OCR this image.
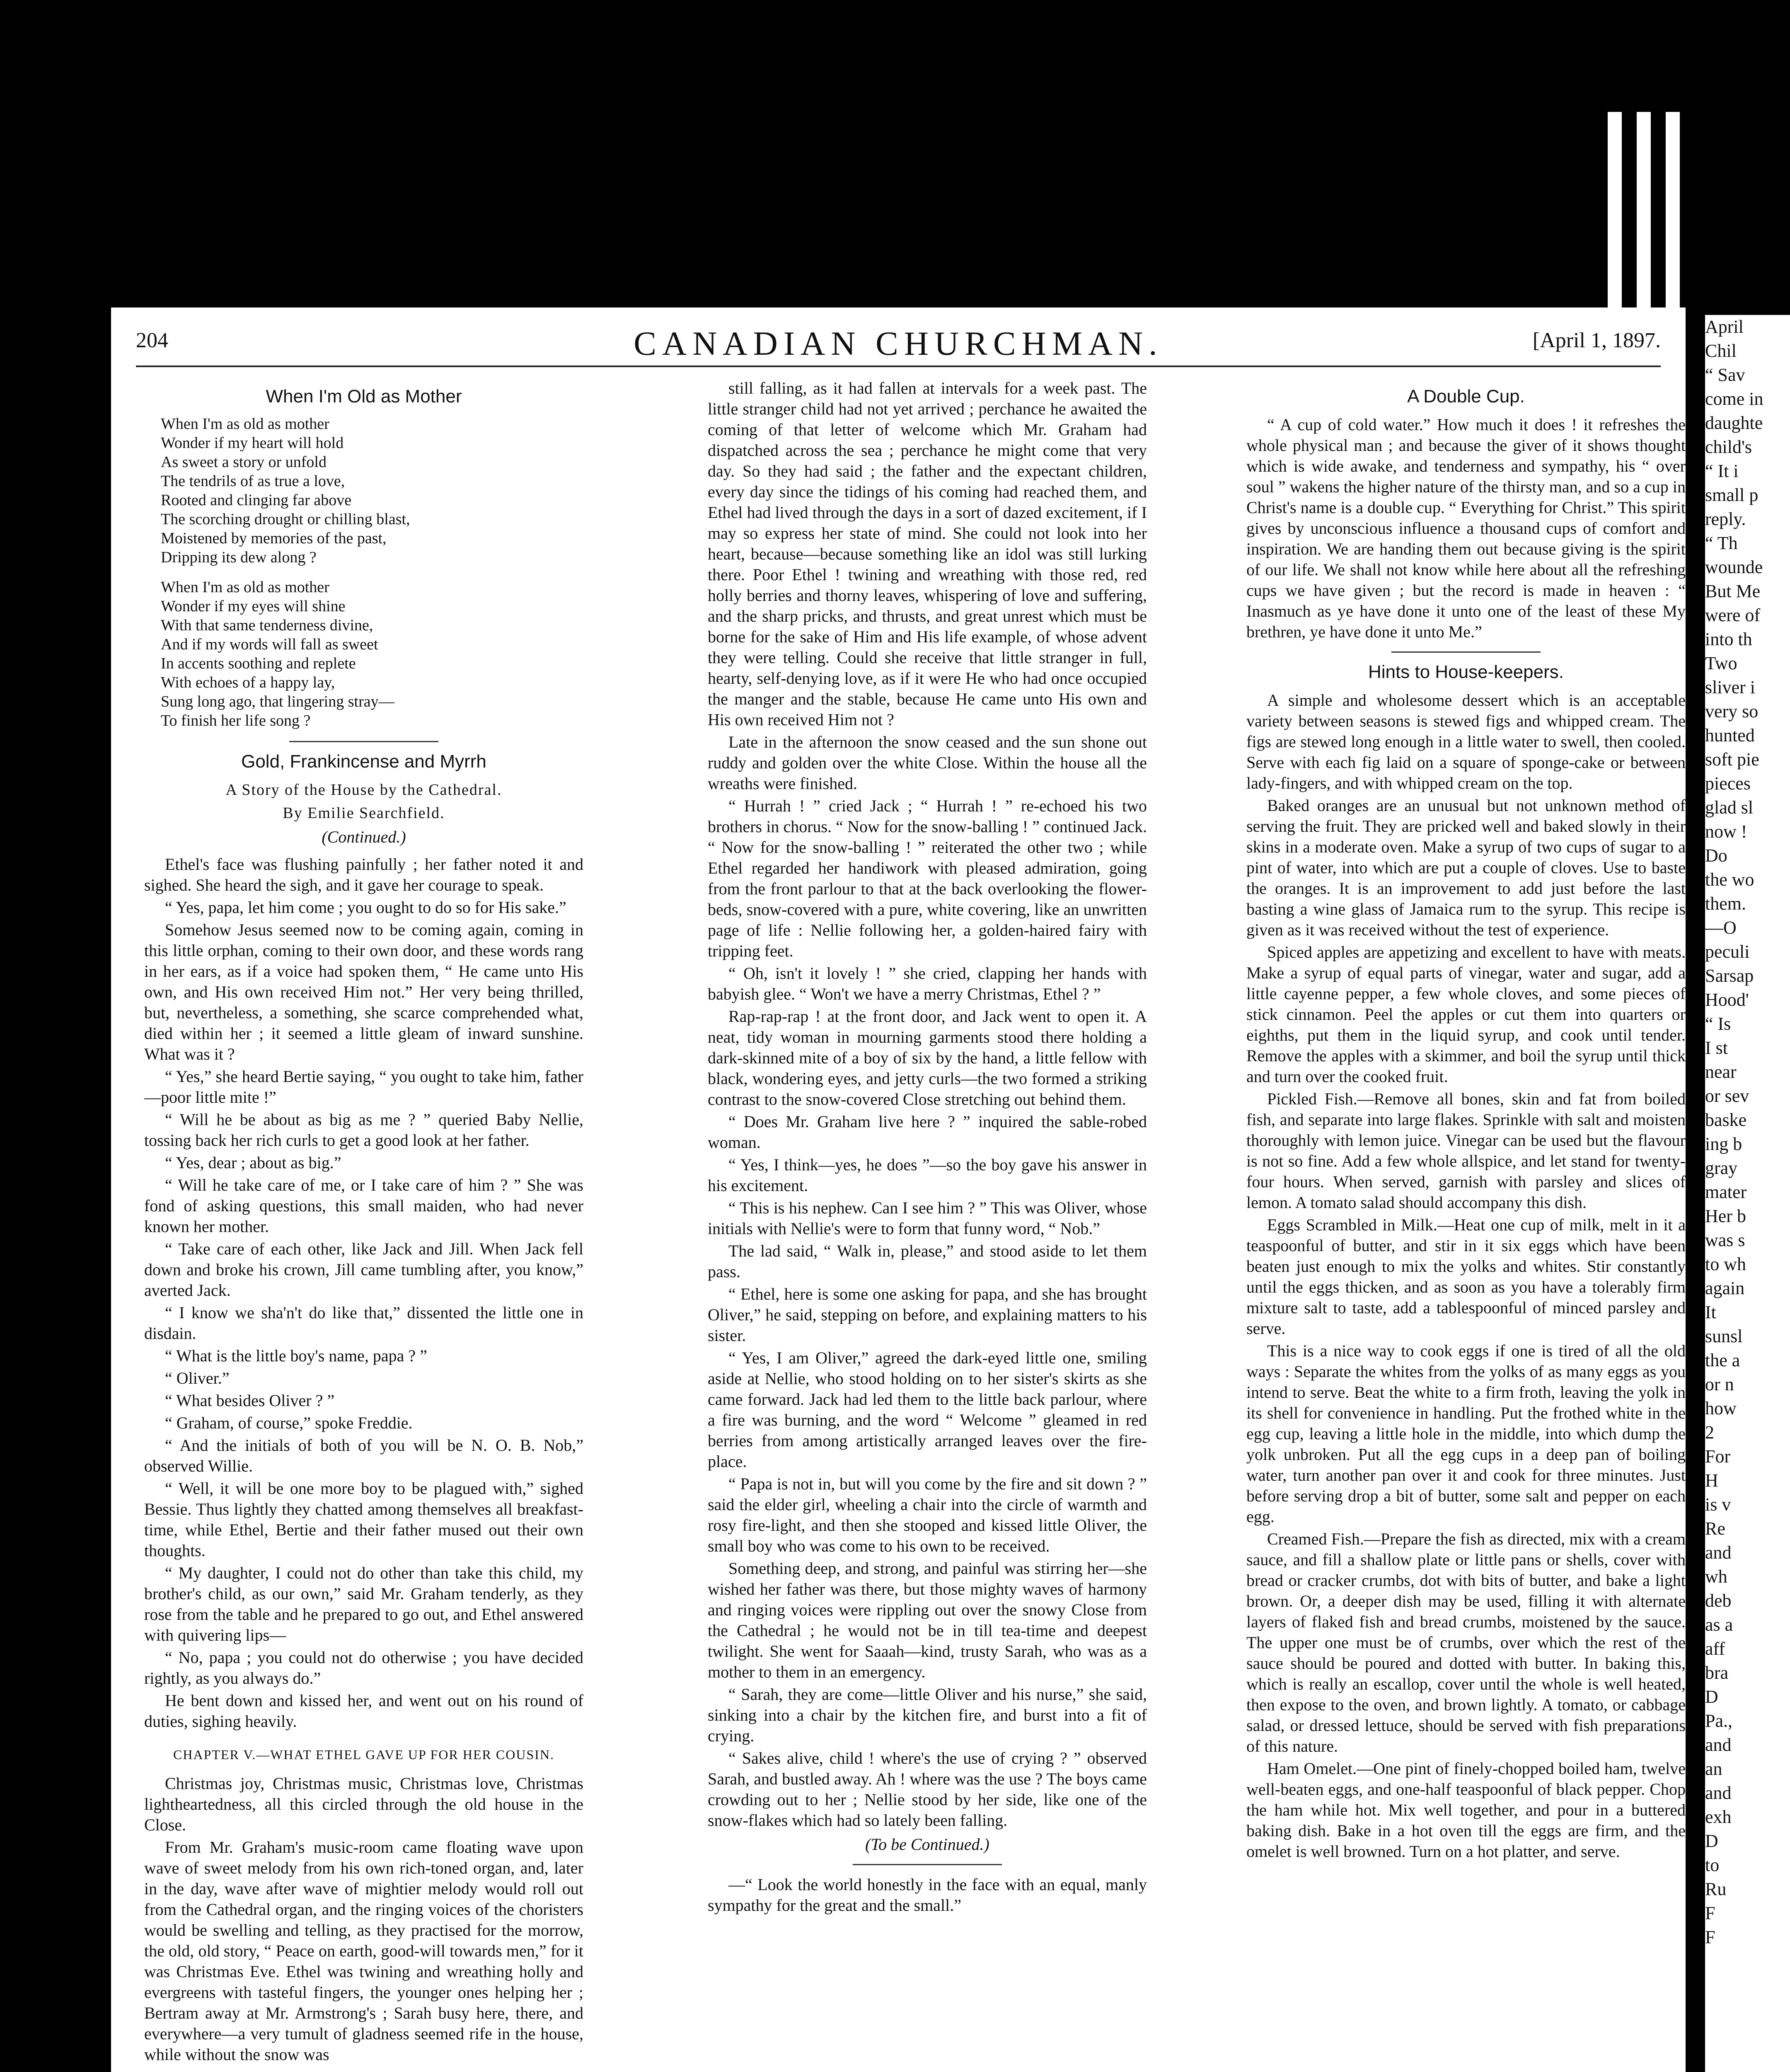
204	CANADIAN CHURCHMAN.	[April 1, 1897.
When I'm Old as Mother
When I'm as old as mother
Wonder if my heart will hold
As sweet a story or unfold
The tendrils of as true a love,
Rooted and clinging far above
The scorching drought or chilling blast,
Moistened by memories of the past,
Dripping its dew along ?
When I'm as old as mother
Wonder if my eyes will shine
With that same tenderness divine,
And if my words will fall as sweet
In accents soothing and replete
With echoes of a happy lay,
Sung long ago, that lingering stray—
To finish her life song ?
Gold, Frankincense and Myrrh
A Story of the House by the Cathedral.
By Emilie Searchfield.
(Continued.)

Ethel's face was flushing painfully ; her father noted it and sighed. She heard the sigh, and it gave her courage to speak.

“ Yes, papa, let him come ; you ought to do so for His sake.”

Somehow Jesus seemed now to be coming again, coming in this little orphan, coming to their own door, and these words rang in her ears, as if a voice had spoken them, “ He came unto His own, and His own received Him not.” Her very being thrilled, but, nevertheless, a something, she scarce comprehended what, died within her ; it seemed a little gleam of inward sunshine. What was it ?

“ Yes,” she heard Bertie saying, “ you ought to take him, father—poor little mite !”

“ Will he be about as big as me ? ” queried Baby Nellie, tossing back her rich curls to get a good look at her father.

“ Yes, dear ; about as big.”

“ Will he take care of me, or I take care of him ? ” She was fond of asking questions, this small maiden, who had never known her mother.

“ Take care of each other, like Jack and Jill. When Jack fell down and broke his crown, Jill came tumbling after, you know,” averted Jack.

“ I know we sha'n't do like that,” dissented the little one in disdain.

“ What is the little boy's name, papa ? ”

“ Oliver.”

“ What besides Oliver ? ”

“ Graham, of course,” spoke Freddie.

“ And the initials of both of you will be N. O. B. Nob,” observed Willie.

“ Well, it will be one more boy to be plagued with,” sighed Bessie. Thus lightly they chatted among themselves all breakfast-time, while Ethel, Bertie and their father mused out their own thoughts.

“ My daughter, I could not do other than take this child, my brother's child, as our own,” said Mr. Graham tenderly, as they rose from the table and he prepared to go out, and Ethel answered with quivering lips—

“ No, papa ; you could not do otherwise ; you have decided rightly, as you always do.”

He bent down and kissed her, and went out on his round of duties, sighing heavily.

CHAPTER V.—WHAT ETHEL GAVE UP FOR HER COUSIN.

Christmas joy, Christmas music, Christmas love, Christmas lightheartedness, all this circled through the old house in the Close.

From Mr. Graham's music-room came floating wave upon wave of sweet melody from his own rich-toned organ, and, later in the day, wave after wave of mightier melody would roll out from the Cathedral organ, and the ringing voices of the choristers would be swelling and telling, as they practised for the morrow, the old, old story, “ Peace on earth, good-will towards men,” for it was Christmas Eve. Ethel was twining and wreathing holly and evergreens with tasteful fingers, the younger ones helping her ; Bertram away at Mr. Armstrong's ; Sarah busy here, there, and everywhere—a very tumult of gladness seemed rife in the house, while without the snow was

still falling, as it had fallen at intervals for a week past. The little stranger child had not yet arrived ; perchance he awaited the coming of that letter of welcome which Mr. Graham had dispatched across the sea ; perchance he might come that very day. So they had said ; the father and the expectant children, every day since the tidings of his coming had reached them, and Ethel had lived through the days in a sort of dazed excitement, if I may so express her state of mind. She could not look into her heart, because—because something like an idol was still lurking there. Poor Ethel ! twining and wreathing with those red, red holly berries and thorny leaves, whispering of love and suffering, and the sharp pricks, and thrusts, and great unrest which must be borne for the sake of Him and His life example, of whose advent they were telling. Could she receive that little stranger in full, hearty, self-denying love, as if it were He who had once occupied the manger and the stable, because He came unto His own and His own received Him not ?

Late in the afternoon the snow ceased and the sun shone out ruddy and golden over the white Close. Within the house all the wreaths were finished.

“ Hurrah ! ” cried Jack ; “ Hurrah ! ” re-echoed his two brothers in chorus. “ Now for the snow-balling ! ” continued Jack. “ Now for the snow-balling ! ” reiterated the other two ; while Ethel regarded her handiwork with pleased admiration, going from the front parlour to that at the back overlooking the flower-beds, snow-covered with a pure, white covering, like an unwritten page of life : Nellie following her, a golden-haired fairy with tripping feet.

“ Oh, isn't it lovely ! ” she cried, clapping her hands with babyish glee. “ Won't we have a merry Christmas, Ethel ? ”

Rap-rap-rap ! at the front door, and Jack went to open it. A neat, tidy woman in mourning garments stood there holding a dark-skinned mite of a boy of six by the hand, a little fellow with black, wondering eyes, and jetty curls—the two formed a striking contrast to the snow-covered Close stretching out behind them.

“ Does Mr. Graham live here ? ” inquired the sable-robed woman.

“ Yes, I think—yes, he does ”—so the boy gave his answer in his excitement.

“ This is his nephew. Can I see him ? ” This was Oliver, whose initials with Nellie's were to form that funny word, “ Nob.”

The lad said, “ Walk in, please,” and stood aside to let them pass.

“ Ethel, here is some one asking for papa, and she has brought Oliver,” he said, stepping on before, and explaining matters to his sister.

“ Yes, I am Oliver,” agreed the dark-eyed little one, smiling aside at Nellie, who stood holding on to her sister's skirts as she came forward. Jack had led them to the little back parlour, where a fire was burning, and the word “ Welcome ” gleamed in red berries from among artistically arranged leaves over the fire-place.

“ Papa is not in, but will you come by the fire and sit down ? ” said the elder girl, wheeling a chair into the circle of warmth and rosy fire-light, and then she stooped and kissed little Oliver, the small boy who was come to his own to be received.

Something deep, and strong, and painful was stirring her—she wished her father was there, but those mighty waves of harmony and ringing voices were rippling out over the snowy Close from the Cathedral ; he would not be in till tea-time and deepest twilight. She went for Saaah—kind, trusty Sarah, who was as a mother to them in an emergency.

“ Sarah, they are come—little Oliver and his nurse,” she said, sinking into a chair by the kitchen fire, and burst into a fit of crying.

“ Sakes alive, child ! where's the use of crying ? ” observed Sarah, and bustled away. Ah ! where was the use ? The boys came crowding out to her ; Nellie stood by her side, like one of the snow-flakes which had so lately been falling.

(To be Continued.)

—“ Look the world honestly in the face with an equal, manly sympathy for the great and the small.”

A Double Cup.

“ A cup of cold water.” How much it does ! it refreshes the whole physical man ; and because the giver of it shows thought which is wide awake, and tenderness and sympathy, his “ over soul ” wakens the higher nature of the thirsty man, and so a cup in Christ's name is a double cup. “ Everything for Christ.” This spirit gives by unconscious influence a thousand cups of comfort and inspiration. We are handing them out because giving is the spirit of our life. We shall not know while here about all the refreshing cups we have given ; but the record is made in heaven : “ Inasmuch as ye have done it unto one of the least of these My brethren, ye have done it unto Me.”

Hints to House-keepers.

A simple and wholesome dessert which is an acceptable variety between seasons is stewed figs and whipped cream. The figs are stewed long enough in a little water to swell, then cooled. Serve with each fig laid on a square of sponge-cake or between lady-fingers, and with whipped cream on the top.

Baked oranges are an unusual but not unknown method of serving the fruit. They are pricked well and baked slowly in their skins in a moderate oven. Make a syrup of two cups of sugar to a pint of water, into which are put a couple of cloves. Use to baste the oranges. It is an improvement to add just before the last basting a wine glass of Jamaica rum to the syrup. This recipe is given as it was received without the test of experience.

Spiced apples are appetizing and excellent to have with meats. Make a syrup of equal parts of vinegar, water and sugar, add a little cayenne pepper, a few whole cloves, and some pieces of stick cinnamon. Peel the apples or cut them into quarters or eighths, put them in the liquid syrup, and cook until tender. Remove the apples with a skimmer, and boil the syrup until thick and turn over the cooked fruit.

Pickled Fish.—Remove all bones, skin and fat from boiled fish, and separate into large flakes. Sprinkle with salt and moisten thoroughly with lemon juice. Vinegar can be used but the flavour is not so fine. Add a few whole allspice, and let stand for twenty-four hours. When served, garnish with parsley and slices of lemon. A tomato salad should accompany this dish.

Eggs Scrambled in Milk.—Heat one cup of milk, melt in it a teaspoonful of butter, and stir in it six eggs which have been beaten just enough to mix the yolks and whites. Stir constantly until the eggs thicken, and as soon as you have a tolerably firm mixture salt to taste, add a tablespoonful of minced parsley and serve.

This is a nice way to cook eggs if one is tired of all the old ways : Separate the whites from the yolks of as many eggs as you intend to serve. Beat the white to a firm froth, leaving the yolk in its shell for convenience in handling. Put the frothed white in the egg cup, leaving a little hole in the middle, into which dump the yolk unbroken. Put all the egg cups in a deep pan of boiling water, turn another pan over it and cook for three minutes. Just before serving drop a bit of butter, some salt and pepper on each egg.

Creamed Fish.—Prepare the fish as directed, mix with a cream sauce, and fill a shallow plate or little pans or shells, cover with bread or cracker crumbs, dot with bits of butter, and bake a light brown. Or, a deeper dish may be used, filling it with alternate layers of flaked fish and bread crumbs, moistened by the sauce. The upper one must be of crumbs, over which the rest of the sauce should be poured and dotted with butter. In baking this, which is really an escallop, cover until the whole is well heated, then expose to the oven, and brown lightly. A tomato, or cabbage salad, or dressed lettuce, should be served with fish preparations of this nature.

Ham Omelet.—One pint of finely-chopped boiled ham, twelve well-beaten eggs, and one-half teaspoonful of black pepper. Chop the ham while hot. Mix well together, and pour in a buttered baking dish. Bake in a hot oven till the eggs are firm, and the omelet is well browned. Turn on a hot platter, and serve.

April
Chil
“ Sav
come in
daughte
child's
“ It i
small p
reply.
“ Th
wounde
But Me
were of
into th
Two
sliver i
very so
hunted
soft pie
pieces
glad sl
now !
Do
the wo
them.
—O
peculi
Sarsap
Hood'
“ Is
I st
near
or sev
baske
ing b
gray
mater
Her b
was s
to wh
again
It
sunsl
the a
or n
how
2
For
H
is v
Re
and
wh
deb
as a
aff
bra
D
Pa.,
and
an
and
exh
D
to
Ru
F
F
